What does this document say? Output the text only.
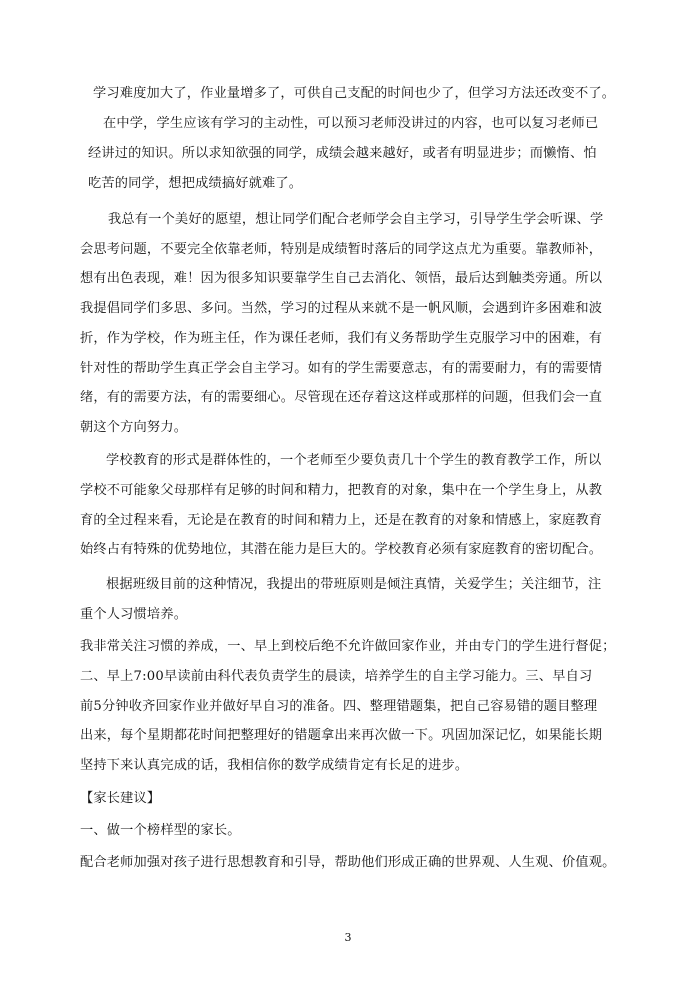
学习难度加大了，作业量增多了，可供自己支配的时间也少了，但学习方法还改变不了。
在中学，学生应该有学习的主动性，可以预习老师没讲过的内容，也可以复习老师已
经讲过的知识。所以求知欲强的同学，成绩会越来越好，或者有明显进步；而懒惰、怕
吃苦的同学，想把成绩搞好就难了。
我总有一个美好的愿望，想让同学们配合老师学会自主学习，引导学生学会听课、学
会思考问题，不要完全依靠老师，特别是成绩暂时落后的同学这点尤为重要。靠教师补，
想有出色表现，难！因为很多知识要靠学生自己去消化、领悟，最后达到触类旁通。所以
我提倡同学们多思、多问。当然，学习的过程从来就不是一帆风顺，会遇到许多困难和波
折，作为学校，作为班主任，作为课任老师，我们有义务帮助学生克服学习中的困难，有
针对性的帮助学生真正学会自主学习。如有的学生需要意志，有的需要耐力，有的需要情
绪，有的需要方法，有的需要细心。尽管现在还存着这这样或那样的问题，但我们会一直
朝这个方向努力。
学校教育的形式是群体性的，一个老师至少要负责几十个学生的教育教学工作，所以
学校不可能象父母那样有足够的时间和精力，把教育的对象，集中在一个学生身上，从教
育的全过程来看，无论是在教育的时间和精力上，还是在教育的对象和情感上，家庭教育
始终占有特殊的优势地位，其潜在能力是巨大的。学校教育必须有家庭教育的密切配合。
根据班级目前的这种情况，我提出的带班原则是倾注真情，关爱学生；关注细节，注
重个人习惯培养。
我非常关注习惯的养成，一、早上到校后绝不允许做回家作业，并由专门的学生进行督促；
二、早上7:00早读前由科代表负责学生的晨读，培养学生的自主学习能力。三、早自习
前5分钟收齐回家作业并做好早自习的准备。四、整理错题集，把自己容易错的题目整理
出来，每个星期都花时间把整理好的错题拿出来再次做一下。巩固加深记忆，如果能长期
坚持下来认真完成的话，我相信你的数学成绩肯定有长足的进步。
【家长建议】
一、做一个榜样型的家长。
配合老师加强对孩子进行思想教育和引导，帮助他们形成正确的世界观、人生观、价值观。
3
